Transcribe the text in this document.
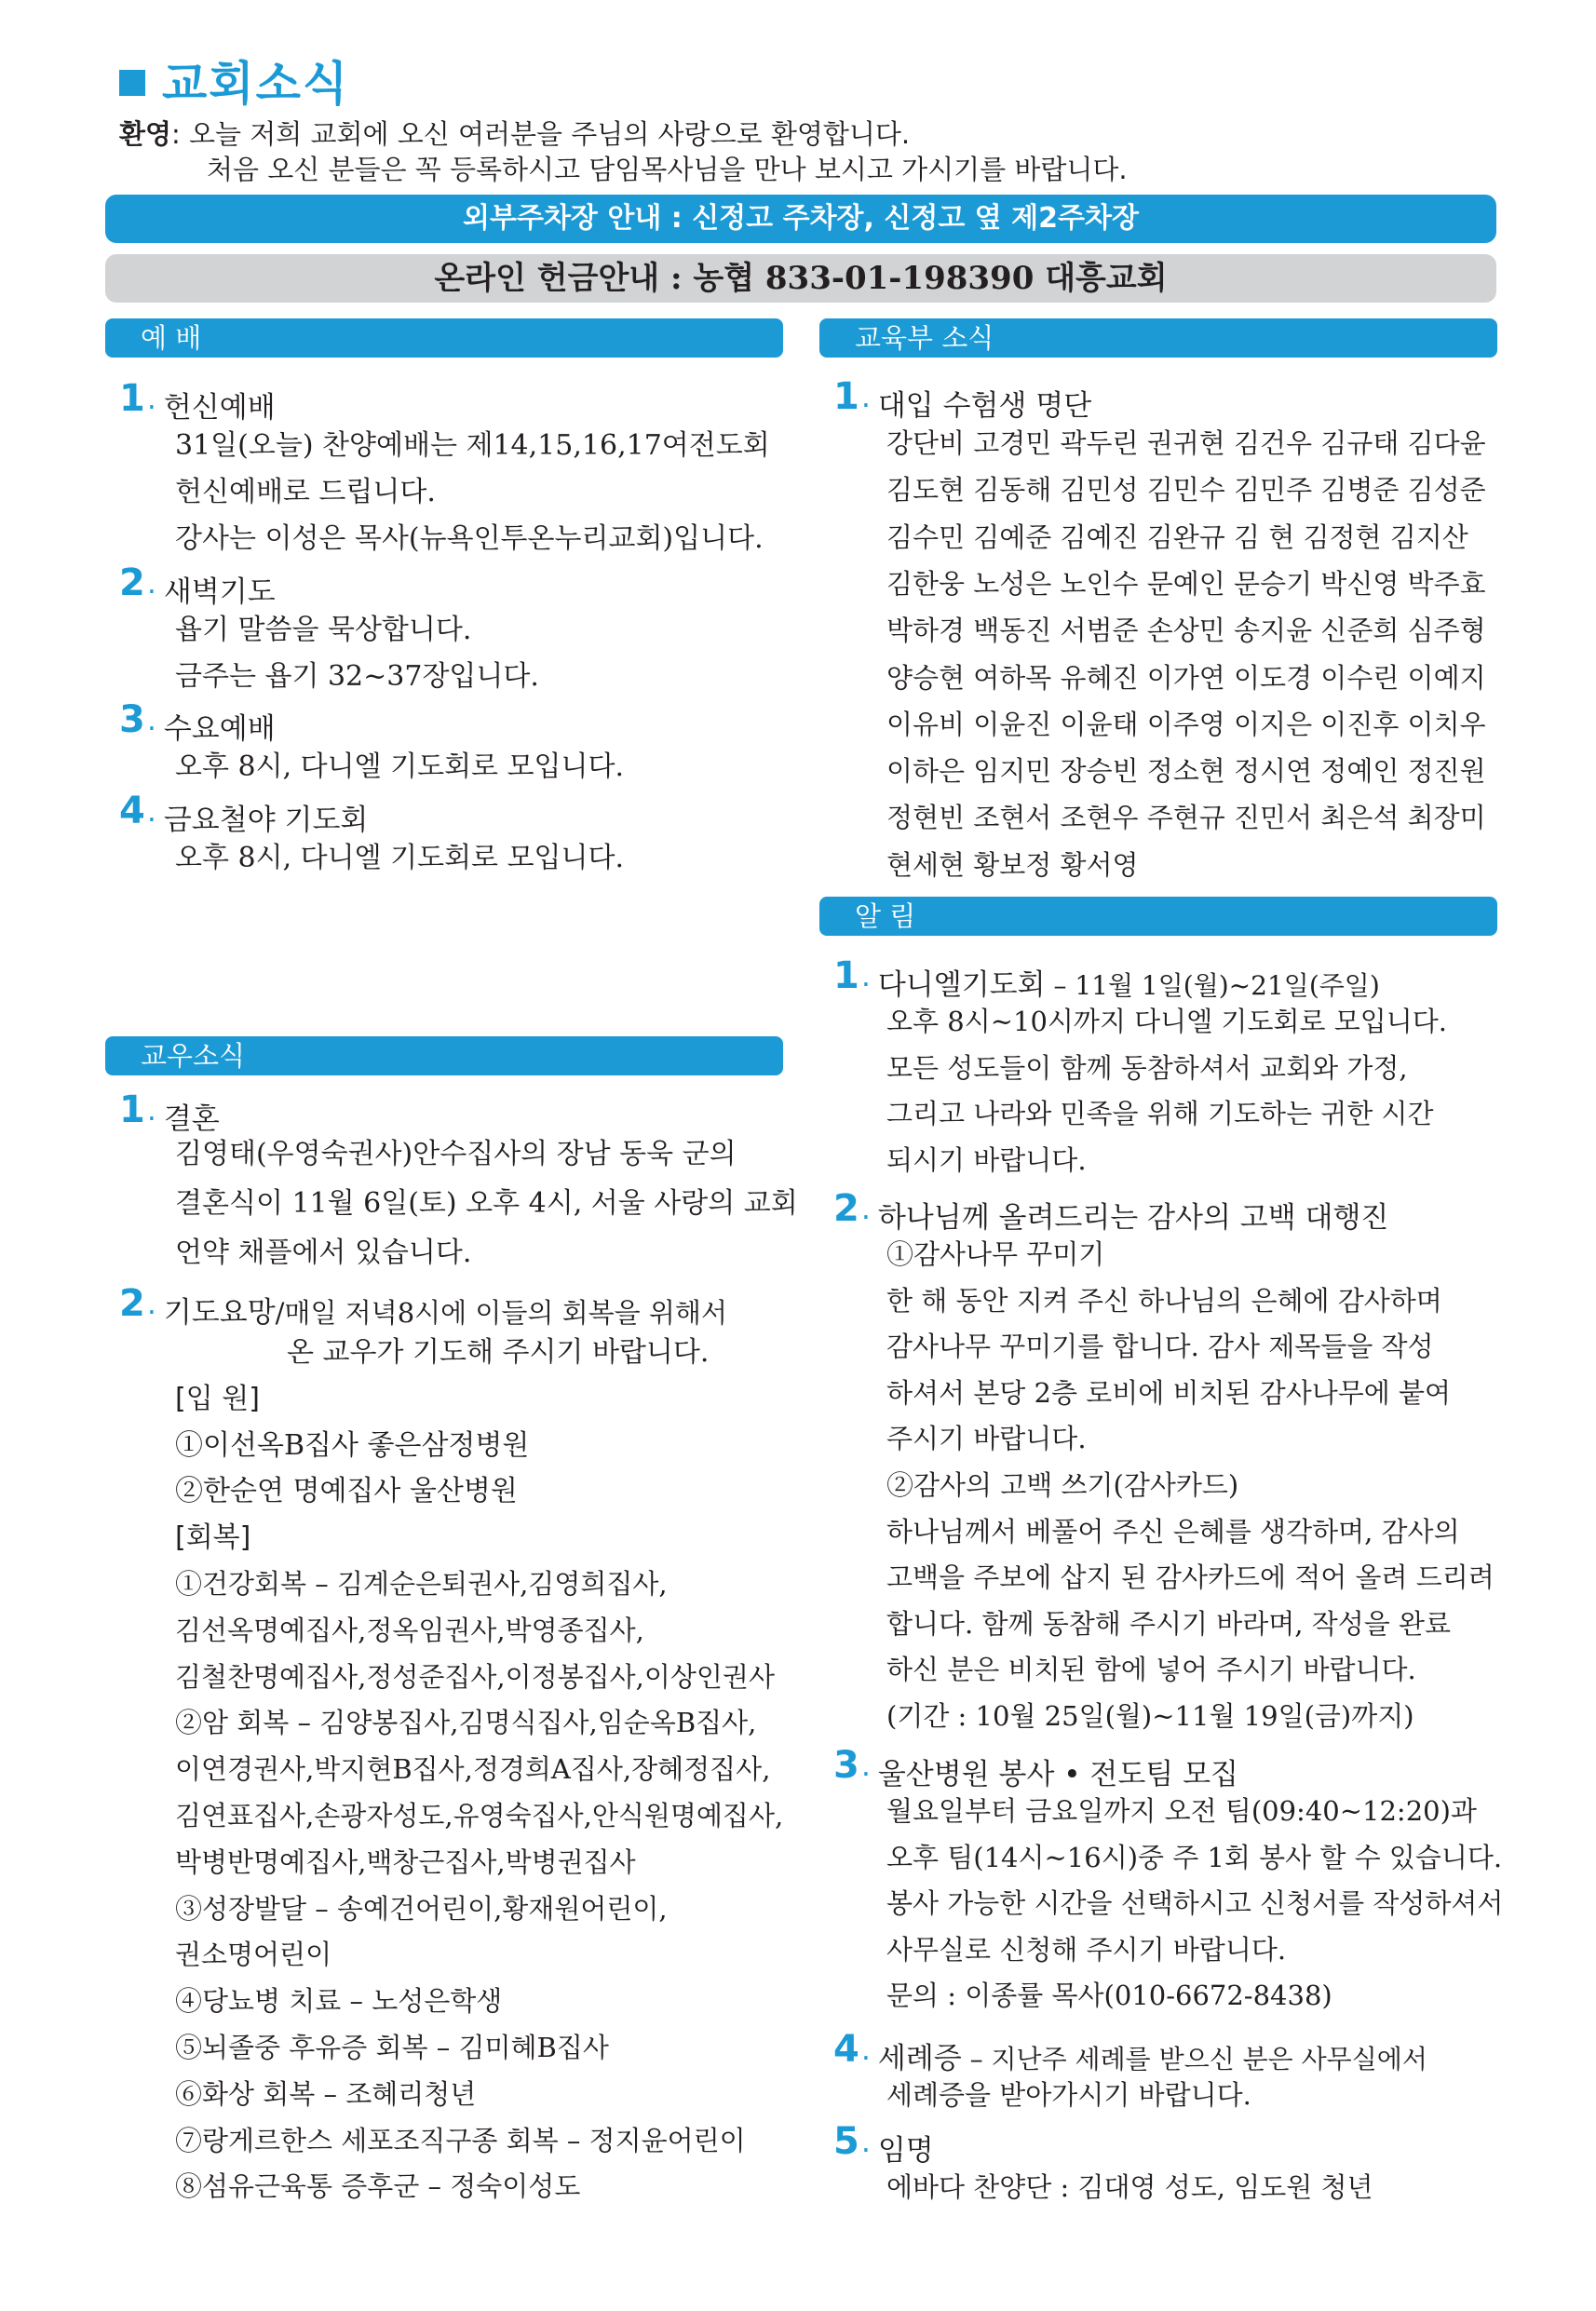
교회소식
환영: 오늘 저희 교회에 오신 여러분을 주님의 사랑으로 환영합니다.
처음 오신 분들은 꼭 등록하시고 담임목사님을 만나 보시고 가시기를 바랍니다.
외부주차장 안내 : 신정고 주차장, 신정고 옆 제2주차장
온라인 헌금안내 : 농협 833-01-198390 대흥교회
예 배
1 · 헌신예배
31일(오늘) 찬양예배는 제14,15,16,17여전도회
헌신예배로 드립니다.
강사는 이성은 목사(뉴욕인투온누리교회)입니다.
2 · 새벽기도
욥기 말씀을 묵상합니다.
금주는 욥기 32~37장입니다.
3 · 수요예배
오후 8시, 다니엘 기도회로 모입니다.
4 · 금요철야 기도회
오후 8시, 다니엘 기도회로 모입니다.
교우소식
1 · 결혼
김영태(우영숙권사)안수집사의 장남 동욱 군의
결혼식이 11월 6일(토) 오후 4시, 서울 사랑의 교회
언약 채플에서 있습니다.
2 · 기도요망/매일 저녁8시에 이들의 회복을 위해서
온 교우가 기도해 주시기 바랍니다.
[입 원]
①이선옥B집사 좋은삼정병원
②한순연 명예집사 울산병원
[회복]
①건강회복 – 김계순은퇴권사,김영희집사,
김선옥명예집사,정옥임권사,박영종집사,
김철찬명예집사,정성준집사,이정봉집사,이상인권사
②암 회복 – 김양봉집사,김명식집사,임순옥B집사,
이연경권사,박지현B집사,정경희A집사,장혜정집사,
김연표집사,손광자성도,유영숙집사,안식원명예집사,
박병반명예집사,백창근집사,박병권집사
③성장발달 – 송예건어린이,황재원어린이,
권소명어린이
④당뇨병 치료 – 노성은학생
⑤뇌졸중 후유증 회복 – 김미혜B집사
⑥화상 회복 – 조혜리청년
⑦랑게르한스 세포조직구종 회복 – 정지윤어린이
⑧섬유근육통 증후군 – 정숙이성도
교육부 소식
1 · 대입 수험생 명단
강단비 고경민 곽두린 권귀현 김건우 김규태 김다윤
김도현 김동해 김민성 김민수 김민주 김병준 김성준
김수민 김예준 김예진 김완규 김 현 김정현 김지산
김한웅 노성은 노인수 문예인 문승기 박신영 박주효
박하경 백동진 서범준 손상민 송지윤 신준희 심주형
양승현 여하목 유혜진 이가연 이도경 이수린 이예지
이유비 이윤진 이윤태 이주영 이지은 이진후 이치우
이하은 임지민 장승빈 정소현 정시연 정예인 정진원
정현빈 조현서 조현우 주현규 진민서 최은석 최장미
현세현 황보정 황서영
알 림
1 · 다니엘기도회 – 11월 1일(월)~21일(주일)
오후 8시~10시까지 다니엘 기도회로 모입니다.
모든 성도들이 함께 동참하셔서 교회와 가정,
그리고 나라와 민족을 위해 기도하는 귀한 시간
되시기 바랍니다.
2 · 하나님께 올려드리는 감사의 고백 대행진
①감사나무 꾸미기
한 해 동안 지켜 주신 하나님의 은혜에 감사하며
감사나무 꾸미기를 합니다. 감사 제목들을 작성
하셔서 본당 2층 로비에 비치된 감사나무에 붙여
주시기 바랍니다.
②감사의 고백 쓰기(감사카드)
하나님께서 베풀어 주신 은혜를 생각하며, 감사의
고백을 주보에 삽지 된 감사카드에 적어 올려 드리려
합니다. 함께 동참해 주시기 바라며, 작성을 완료
하신 분은 비치된 함에 넣어 주시기 바랍니다.
(기간 : 10월 25일(월)~11월 19일(금)까지)
3 · 울산병원 봉사 • 전도팀 모집
월요일부터 금요일까지 오전 팀(09:40~12:20)과
오후 팀(14시~16시)중 주 1회 봉사 할 수 있습니다.
봉사 가능한 시간을 선택하시고 신청서를 작성하셔서
사무실로 신청해 주시기 바랍니다.
문의 : 이종률 목사(010-6672-8438)
4 · 세례증 – 지난주 세례를 받으신 분은 사무실에서
세례증을 받아가시기 바랍니다.
5 · 임명
에바다 찬양단 : 김대영 성도, 임도원 청년
